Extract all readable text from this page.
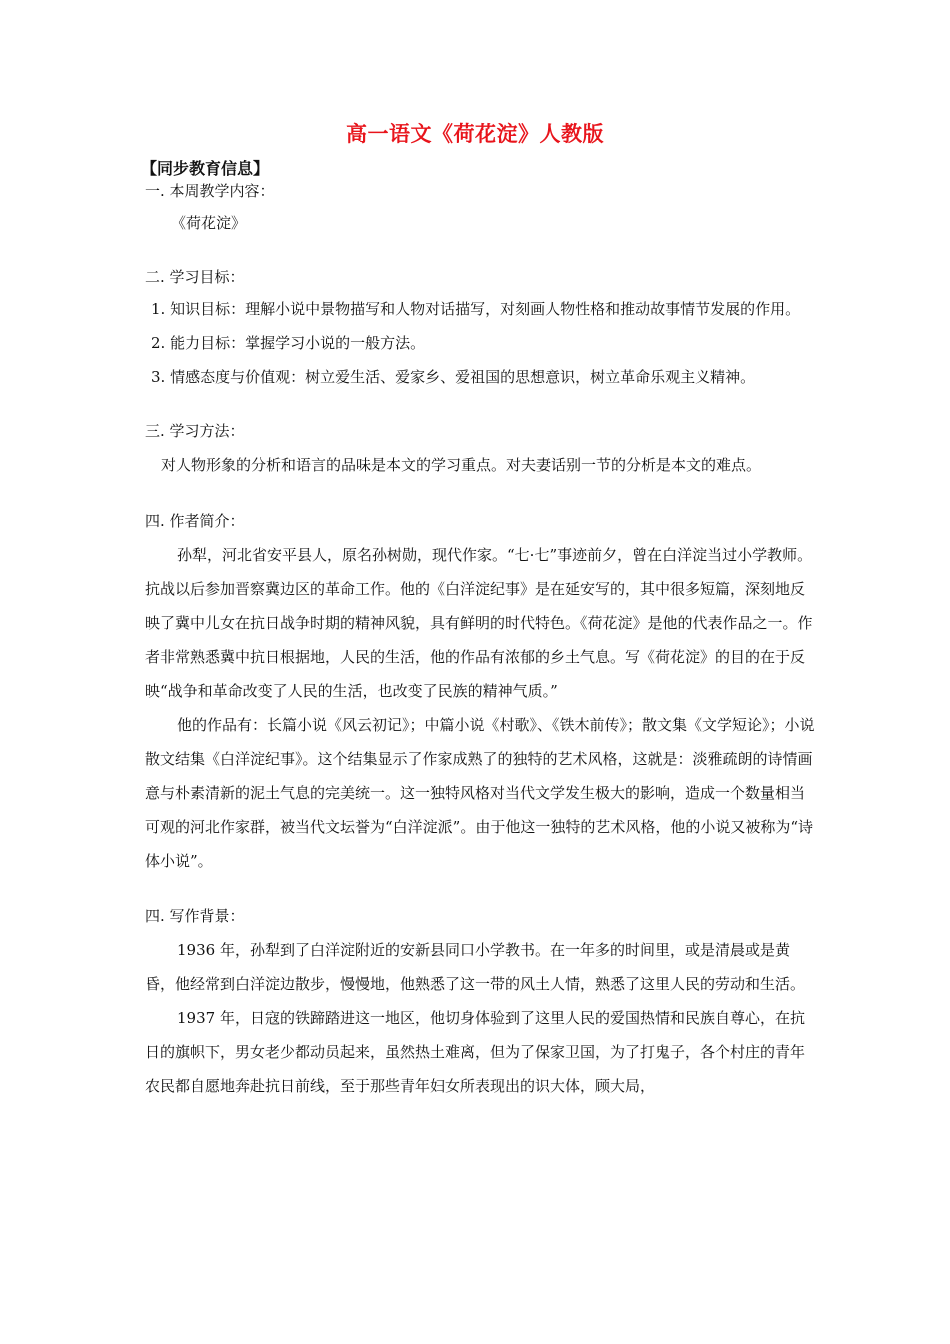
高一语文《荷花淀》人教版
【同步教育信息】

一. 本周教学内容：

《荷花淀》

二. 学习目标：

1. 知识目标：理解小说中景物描写和人物对话描写，对刻画人物性格和推动故事情节发展的作用。

2. 能力目标：掌握学习小说的一般方法。

3. 情感态度与价值观：树立爱生活、爱家乡、爱祖国的思想意识，树立革命乐观主义精神。

三. 学习方法：

对人物形象的分析和语言的品味是本文的学习重点。对夫妻话别一节的分析是本文的难点。

四. 作者简介：

孙犁，河北省安平县人，原名孙树勋，现代作家。“七·七”事迹前夕，曾在白洋淀当过小学教师。抗战以后参加晋察冀边区的革命工作。他的《白洋淀纪事》是在延安写的，其中很多短篇，深刻地反映了冀中儿女在抗日战争时期的精神风貌，具有鲜明的时代特色。《荷花淀》是他的代表作品之一。作者非常熟悉冀中抗日根据地，人民的生活，他的作品有浓郁的乡土气息。写《荷花淀》的目的在于反映“战争和革命改变了人民的生活，也改变了民族的精神气质。”

他的作品有：长篇小说《风云初记》；中篇小说《村歌》、《铁木前传》；散文集《文学短论》；小说散文结集《白洋淀纪事》。这个结集显示了作家成熟了的独特的艺术风格，这就是：淡雅疏朗的诗情画意与朴素清新的泥土气息的完美统一。这一独特风格对当代文学发生极大的影响，造成一个数量相当可观的河北作家群，被当代文坛誉为“白洋淀派”。由于他这一独特的艺术风格，他的小说又被称为“诗体小说”。

四. 写作背景：

1936 年，孙犁到了白洋淀附近的安新县同口小学教书。在一年多的时间里，或是清晨或是黄昏，他经常到白洋淀边散步，慢慢地，他熟悉了这一带的风土人情，熟悉了这里人民的劳动和生活。

1937 年，日寇的铁蹄踏进这一地区，他切身体验到了这里人民的爱国热情和民族自尊心，在抗日的旗帜下，男女老少都动员起来，虽然热土难离，但为了保家卫国，为了打鬼子，各个村庄的青年农民都自愿地奔赴抗日前线，至于那些青年妇女所表现出的识大体，顾大局，
